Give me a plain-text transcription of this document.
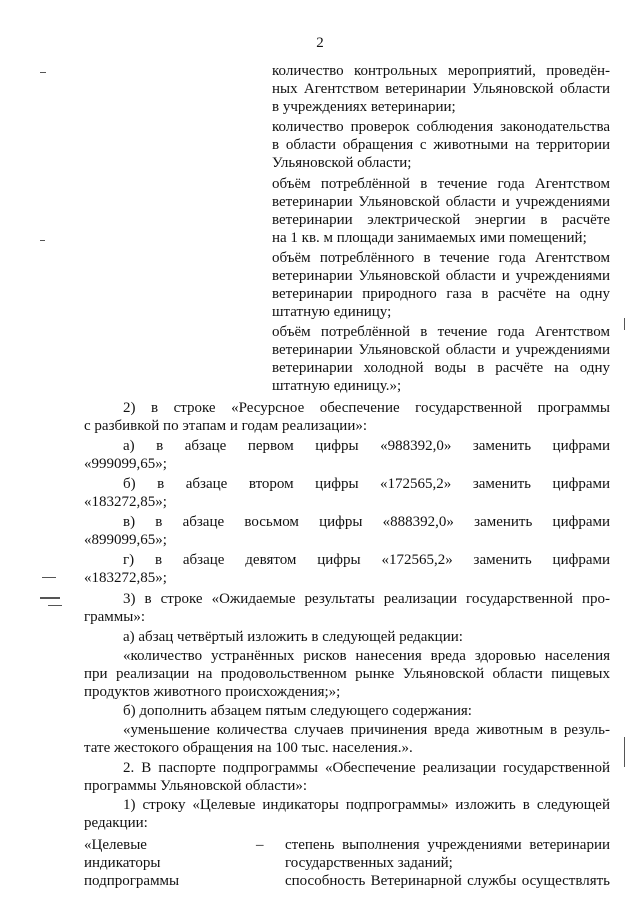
2
количество контрольных мероприятий, проведён-
ных Агентством ветеринарии Ульяновской области
в учреждениях ветеринарии;
количество проверок соблюдения законодательства
в области обращения с животными на территории
Ульяновской области;
объём потреблённой в течение года Агентством
ветеринарии Ульяновской области и учреждениями
ветеринарии электрической энергии в расчёте
на 1 кв. м площади занимаемых ими помещений;
объём потреблённого в течение года Агентством
ветеринарии Ульяновской области и учреждениями
ветеринарии природного газа в расчёте на одну
штатную единицу;
объём потреблённой в течение года Агентством
ветеринарии Ульяновской области и учреждениями
ветеринарии холодной воды в расчёте на одну
штатную единицу.»;
2) в строке «Ресурсное обеспечение государственной программы
с разбивкой по этапам и годам реализации»:
а) в абзаце первом цифры «988392,0» заменить цифрами
«999099,65»;
б) в абзаце втором цифры «172565,2» заменить цифрами
«183272,85»;
в) в абзаце восьмом цифры «888392,0» заменить цифрами
«899099,65»;
г) в абзаце девятом цифры «172565,2» заменить цифрами
«183272,85»;
3) в строке «Ожидаемые результаты реализации государственной про-
граммы»:
а) абзац четвёртый изложить в следующей редакции:
«количество устранённых рисков нанесения вреда здоровью населения
при реализации на продовольственном рынке Ульяновской области пищевых
продуктов животного происхождения;»;
б) дополнить абзацем пятым следующего содержания:
«уменьшение количества случаев причинения вреда животным в резуль-
тате жестокого обращения на 100 тыс. населения.».
2. В паспорте подпрограммы «Обеспечение реализации государственной
программы Ульяновской области»:
1) строку «Целевые индикаторы подпрограммы» изложить в следующей
редакции:
«Целевые
индикаторы
подпрограммы
– степень выполнения учреждениями ветеринарии
государственных заданий;
способность Ветеринарной службы осуществлять
